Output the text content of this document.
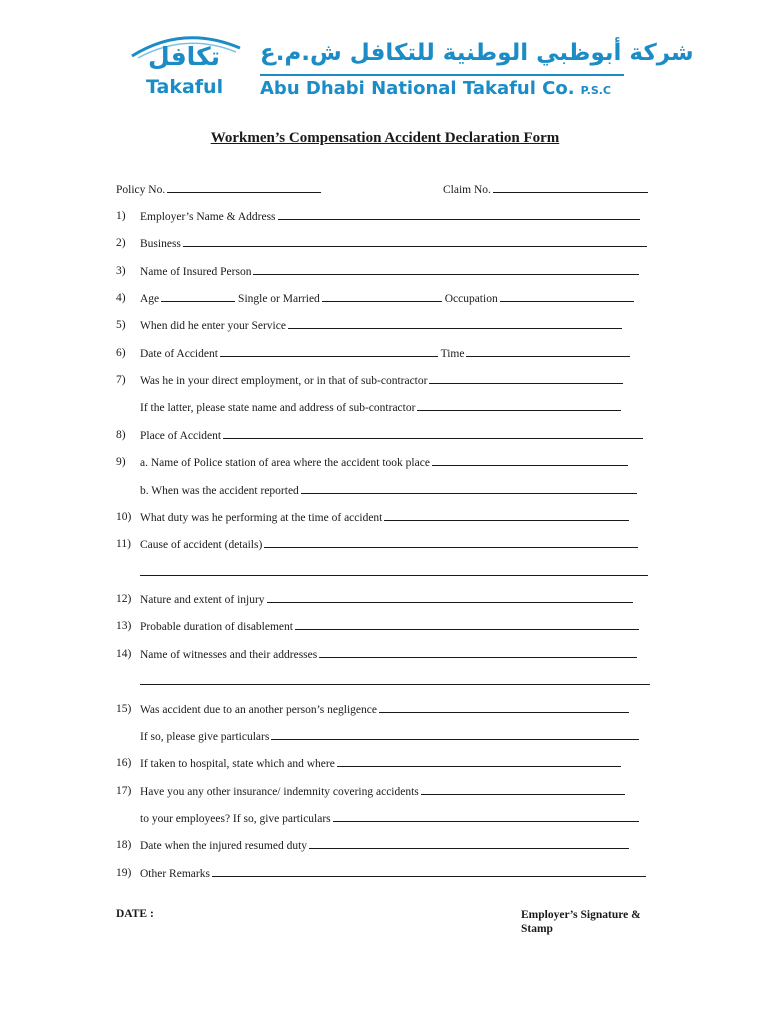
تكافل
Takaful
شركة أبوظبي الوطنية للتكافل ش.م.ع
Abu Dhabi National Takaful Co. P.S.C
Workmen’s Compensation Accident Declaration Form
Policy No.	Claim No.
1) Employer’s Name & Address
2) Business
3) Name of Insured Person
4) Age	Single or Married	Occupation
5) When did he enter your Service
6) Date of Accident	Time
7) Was he in your direct employment, or in that of sub-contractor
If the latter, please state name and address of sub-contractor
8) Place of Accident
9) a. Name of Police station of area where the accident took place
b. When was the accident reported
10) What duty was he performing at the time of accident
11) Cause of accident (details)
12) Nature and extent of injury
13) Probable duration of disablement
14) Name of witnesses and their addresses
15) Was accident due to an another person’s negligence
If so, please give particulars
16) If taken to hospital, state which and where
17) Have you any other insurance/ indemnity covering accidents
to your employees? If so, give particulars
18) Date when the injured resumed duty
19) Other Remarks
DATE :	Employer’s Signature & Stamp
